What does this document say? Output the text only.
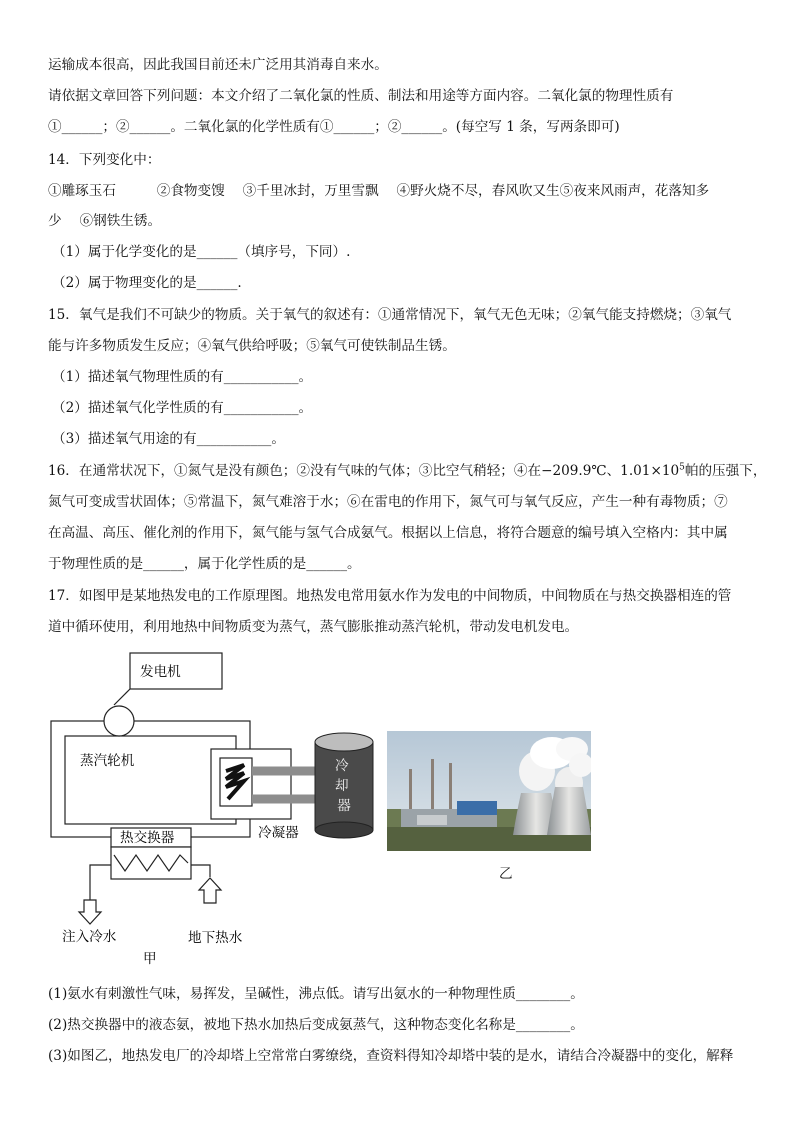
运输成本很高，因此我国目前还未广泛用其消毒自来水。
请依据文章回答下列问题：本文介绍了二氧化氯的性质、制法和用途等方面内容。二氧化氯的物理性质有
①______；②______。二氧化氯的化学性质有①______；②______。(每空写 1 条，写两条即可)
14．下列变化中：
①雕琢玉石　　　②食物变馊　 ③千里冰封，万里雪飘　 ④野火烧不尽，春风吹又生⑤夜来风雨声，花落知多
少　 ⑥钢铁生锈。
（1）属于化学变化的是______（填序号，下同）.
（2）属于物理变化的是______.
15．氧气是我们不可缺少的物质。关于氧气的叙述有：①通常情况下，氧气无色无味；②氧气能支持燃烧；③氧气
能与许多物质发生反应；④氧气供给呼吸；⑤氧气可使铁制品生锈。
（1）描述氧气物理性质的有___________。
（2）描述氧气化学性质的有___________。
（3）描述氧气用途的有___________。
16．在通常状况下，①氮气是没有颜色；②没有气味的气体；③比空气稍轻；④在−209.9℃、$1.01\times 10^5$帕的压强下，
氮气可变成雪状固体；⑤常温下，氮气难溶于水；⑥在雷电的作用下，氮气可与氧气反应，产生一种有毒物质；⑦
在高温、高压、催化剂的作用下，氮气能与氢气合成氨气。根据以上信息，将符合题意的编号填入空格内：其中属
于物理性质的是______，属于化学性质的是______。
17．如图甲是某地热发电的工作原理图。地热发电常用氨水作为发电的中间物质，中间物质在与热交换器相连的管
道中循环使用，利用地热中间物质变为蒸气，蒸气膨胀推动蒸汽轮机，带动发电机发电。
发电机
蒸汽轮机
冷凝器
冷 却 器
热交换器
注入冷水	地下热水
甲
乙
(1)氨水有刺激性气味，易挥发，呈碱性，沸点低。请写出氨水的一种物理性质________。
(2)热交换器中的液态氨，被地下热水加热后变成氨蒸气，这种物态变化名称是________。
(3)如图乙，地热发电厂的冷却塔上空常常白雾缭绕，查资料得知冷却塔中装的是水，请结合冷凝器中的变化，解释
